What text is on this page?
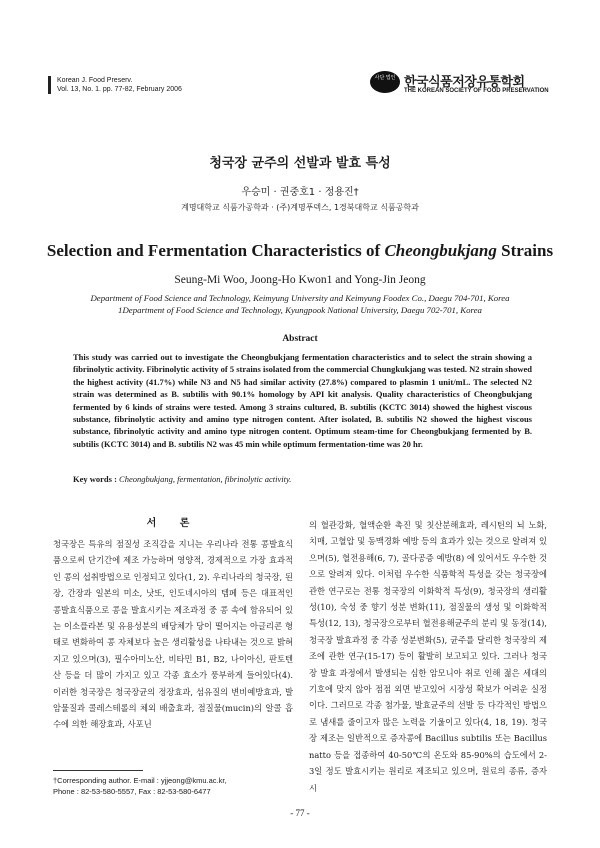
Korean J. Food Preserv.
Vol. 13, No. 1. pp. 77-82, February 2006
사단 법인 한국식품저장유통학회
THE KOREAN SOCIETY OF FOOD PRESERVATION
청국장 균주의 선발과 발효 특성
우승미 · 권중호1 · 정용진†
계명대학교 식품가공학과 · (주)계명푸덱스, 1경북대학교 식품공학과
Selection and Fermentation Characteristics of Cheongbukjang Strains
Seung-Mi Woo, Joong-Ho Kwon1 and Yong-Jin Jeong
Department of Food Science and Technology, Keimyung University and Keimyung Foodex Co., Daegu 704-701, Korea
1Department of Food Science and Technology, Kyungpook National University, Daegu 702-701, Korea
Abstract
This study was carried out to investigate the Cheongbukjang fermentation characteristics and to select the strain showing a fibrinolytic activity. Fibrinolytic activity of 5 strains isolated from the commercial Chungkukjang was tested. N2 strain showed the highest activity (41.7%) while N3 and N5 had similar activity (27.8%) compared to plasmin 1 unit/mL. The selected N2 strain was determined as B. subtilis with 90.1% homology by API kit analysis. Quality characteristics of Cheongbukjang fermented by 6 kinds of strains were tested. Among 3 strains cultured, B. subtilis (KCTC 3014) showed the highest viscous substance, fibrinolytic activity and amino type nitrogen content. After isolated, B. subtilis N2 showed the highest viscous substance, fibrinolytic activity and amino type nitrogen content. Optimum steam-time for Cheongbukjang fermented by B. subtilis (KCTC 3014) and B. subtilis N2 was 45 min while optimum fermentation-time was 20 hr.
Key words : Cheongbukjang, fermentation, fibrinolytic activity.
서 론
청국장은 특유의 점질성 조직감을 지니는 우리나라 전통 콩발효식품으로써 단기간에 제조 가능하며 영양적, 경제적으로 가장 효과적인 콩의 섭취방법으로 인정되고 있다(1, 2). 우리나라의 청국장, 된장, 간장과 일본의 미소, 낫또, 인도네시아의 템페 등은 대표적인 콩발효식품으로 콩을 발효시키는 제조과정 중 콩 속에 함유되어 있는 이소플라본 및 유용성분의 배당체가 당이 떨어지는 아글리콘 형태로 변화하여 콩 자체보다 높은 생리활성을 나타내는 것으로 밝혀지고 있으며(3), 필수아미노산, 비타민 B1, B2, 나이아신, 판토텐산 등을 더 많이 가지고 있고 각종 효소가 풍부하게 들어있다(4). 이러한 청국장은 청국장균의 정장효과, 섬유질의 변비예방효과, 발암물질과 콜레스테롤의 체외 배출효과, 점질물(mucin)의 알콜 흡수에 의한 해장효과, 사포닌
의 혈관강화, 혈액순환 촉진 및 칫산분해효과, 레시틴의 뇌 노화, 치매, 고혈압 및 동맥경화 예방 등의 효과가 있는 것으로 알려져 있으며(5), 혈전용해(6, 7), 골다공증 예방(8) 에 있어서도 우수한 것으로 알려져 있다. 이처럼 우수한 식품학적 특성을 갖는 청국장에 관한 연구로는 전통 청국장의 이화학적 특성(9), 청국장의 생리활성(10), 숙성 중 향기 성분 변화(11), 점질물의 생성 및 이화학적 특성(12, 13), 청국장으로부터 혈전용해균주의 분리 및 동정(14), 청국장 발효과정 중 각종 성분변화(5), 균주를 달리한 청국장의 제조에 관한 연구(15-17) 등이 활발히 보고되고 있다. 그러나 청국장 발효 과정에서 발생되는 심한 암모니아 취로 인해 젊은 세대의 기호에 맞지 않아 점점 외면 받고있어 시장성 확보가 어려운 실정이다. 그러므로 각종 첨가물, 발효균주의 선발 등 다각적인 방법으로 냄새를 줄이고자 많은 노력을 기울이고 있다(4, 18, 19). 청국장 제조는 일반적으로 증자콩에 Bacillus subtilis 또는 Bacillus natto 등을 접종하여 40-50℃의 온도와 85-90%의 습도에서 2-3일 정도 발효시키는 원리로 제조되고 있으며, 원료의 종류, 증자시
†Corresponding author. E-mail : yjjeong@kmu.ac.kr,
Phone : 82-53-580-5557, Fax : 82-53-580-6477
- 77 -
